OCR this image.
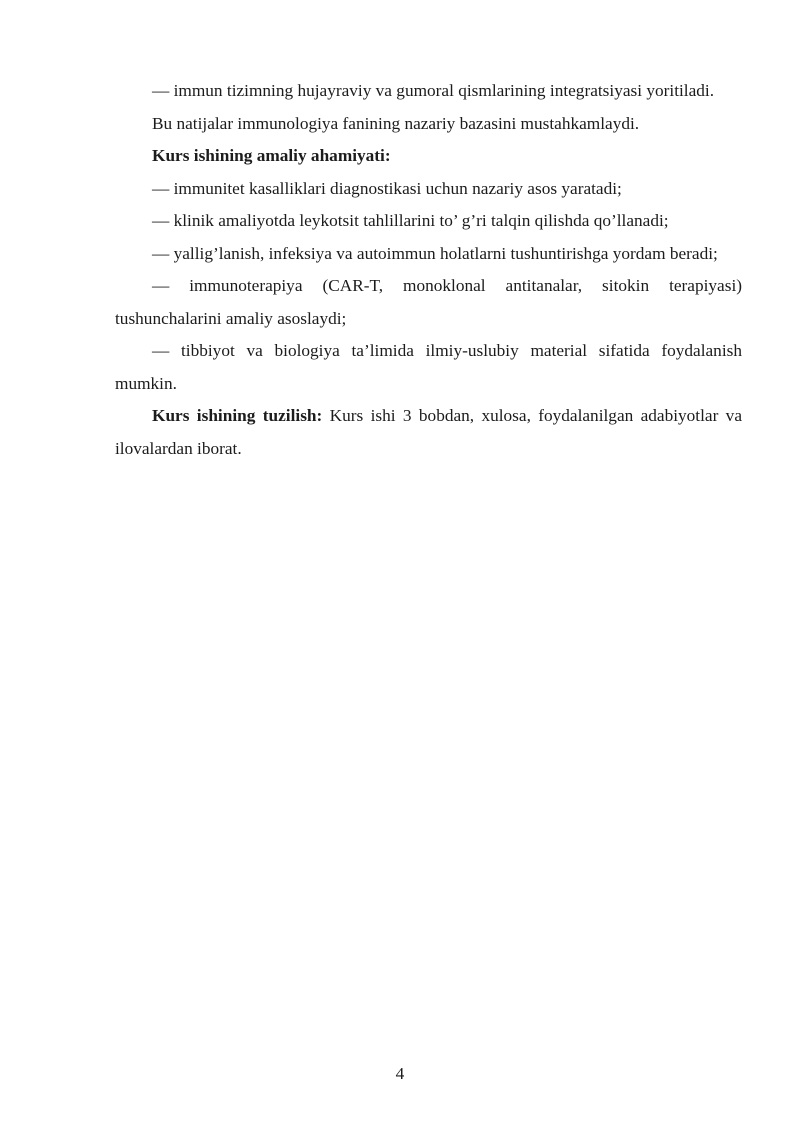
— immun tizimning hujayraviy va gumoral qismlarining integratsiyasi yoritiladi.

Bu natijalar immunologiya fanining nazariy bazasini mustahkamlaydi.

Kurs ishining amaliy ahamiyati:

— immunitet kasalliklari diagnostikasi uchun nazariy asos yaratadi;

— klinik amaliyotda leykotsit tahlillarini to’ g’ri talqin qilishda qo’llanadi;

— yallig’lanish, infeksiya va autoimmun holatlarni tushuntirishga yordam beradi;

— immunoterapiya (CAR-T, monoklonal antitanalar, sitokin terapiyasi) tushunchalarini amaliy asoslaydi;

— tibbiyot va biologiya ta’limida ilmiy-uslubiy material sifatida foydalanish mumkin.

Kurs ishining tuzilish: Kurs ishi 3 bobdan, xulosa, foydalanilgan adabiyotlar va ilovalardan iborat.

4
